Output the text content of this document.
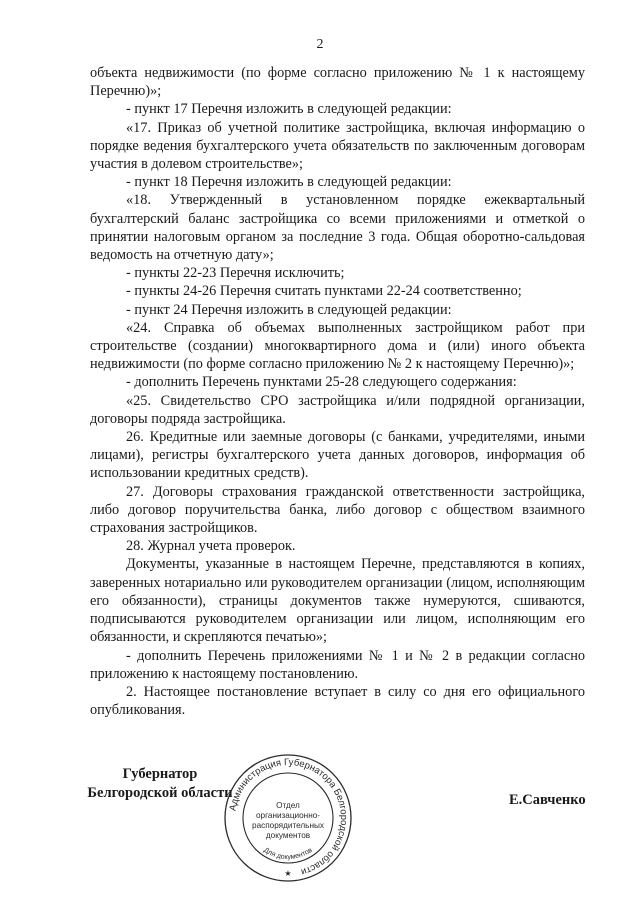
2

объекта недвижимости (по форме согласно приложению № 1 к настоящему Перечню)»;

- пункт 17 Перечня изложить в следующей редакции:

«17. Приказ об учетной политике застройщика, включая информацию о порядке ведения бухгалтерского учета обязательств по заключенным договорам участия в долевом строительстве»;

- пункт 18 Перечня изложить в следующей редакции:

«18. Утвержденный в установленном порядке ежеквартальный бухгалтерский баланс застройщика со всеми приложениями и отметкой о принятии налоговым органом за последние 3 года. Общая оборотно-сальдовая ведомость на отчетную дату»;

- пункты 22-23 Перечня исключить;

- пункты 24-26 Перечня считать пунктами 22-24 соответственно;

- пункт 24 Перечня изложить в следующей редакции:

«24. Справка об объемах выполненных застройщиком работ при строительстве (создании) многоквартирного дома и (или) иного объекта недвижимости (по форме согласно приложению № 2 к настоящему Перечню)»;

- дополнить Перечень пунктами 25-28 следующего содержания:

«25. Свидетельство СРО застройщика и/или подрядной организации, договоры подряда застройщика.

26. Кредитные или заемные договоры (с банками, учредителями, иными лицами), регистры бухгалтерского учета данных договоров, информация об использовании кредитных средств).

27. Договоры страхования гражданской ответственности застройщика, либо договор поручительства банка, либо договор с обществом взаимного страхования застройщиков.

28. Журнал учета проверок.

Документы, указанные в настоящем Перечне, представляются в копиях, заверенных нотариально или руководителем организации (лицом, исполняющим его обязанности), страницы документов также нумеруются, сшиваются, подписываются руководителем организации или лицом, исполняющим его обязанности, и скрепляются печатью»;

- дополнить Перечень приложениями № 1 и № 2 в редакции согласно приложению к настоящему постановлению.

2. Настоящее постановление вступает в силу со дня его официального опубликования.

Губернатор
Белгородской области
Администрация Губернатора Белгородской области
Отдел
организационно-
распорядительных
документов
Для документов
★
Е.Савченко
